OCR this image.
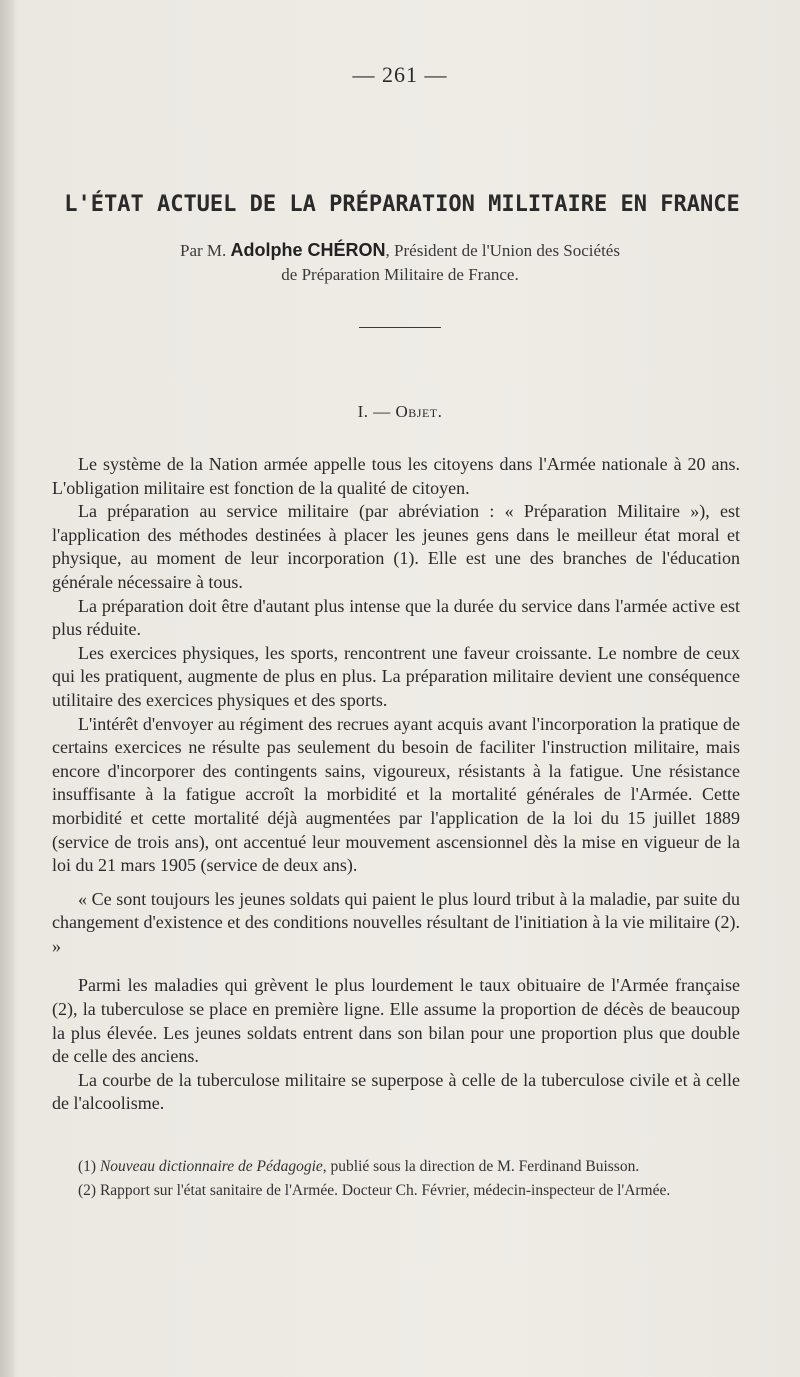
— 261 —
L'ÉTAT ACTUEL DE LA PRÉPARATION MILITAIRE EN FRANCE
Par M. Adolphe CHÉRON, Président de l'Union des Sociétés
de Préparation Militaire de France.
I. — Objet.

Le système de la Nation armée appelle tous les citoyens dans l'Armée nationale à 20 ans. L'obligation militaire est fonction de la qualité de citoyen.

La préparation au service militaire (par abréviation : « Préparation Militaire »), est l'application des méthodes destinées à placer les jeunes gens dans le meilleur état moral et physique, au moment de leur incorporation (1). Elle est une des branches de l'éducation générale nécessaire à tous.

La préparation doit être d'autant plus intense que la durée du service dans l'armée active est plus réduite.

Les exercices physiques, les sports, rencontrent une faveur croissante. Le nombre de ceux qui les pratiquent, augmente de plus en plus. La préparation militaire devient une conséquence utilitaire des exercices physiques et des sports.

L'intérêt d'envoyer au régiment des recrues ayant acquis avant l'incorporation la pratique de certains exercices ne résulte pas seulement du besoin de faciliter l'instruction militaire, mais encore d'incorporer des contingents sains, vigoureux, résistants à la fatigue. Une résistance insuffisante à la fatigue accroît la morbidité et la mortalité générales de l'Armée. Cette morbidité et cette mortalité déjà augmentées par l'application de la loi du 15 juillet 1889 (service de trois ans), ont accentué leur mouvement ascensionnel dès la mise en vigueur de la loi du 21 mars 1905 (service de deux ans).

« Ce sont toujours les jeunes soldats qui paient le plus lourd tribut à la maladie, par suite du changement d'existence et des conditions nouvelles résultant de l'initiation à la vie militaire (2). »

Parmi les maladies qui grèvent le plus lourdement le taux obituaire de l'Armée française (2), la tuberculose se place en première ligne. Elle assume la proportion de décès de beaucoup la plus élevée. Les jeunes soldats entrent dans son bilan pour une proportion plus que double de celle des anciens.

La courbe de la tuberculose militaire se superpose à celle de la tuberculose civile et à celle de l'alcoolisme.

(1) Nouveau dictionnaire de Pédagogie, publié sous la direction de M. Ferdinand Buisson.

(2) Rapport sur l'état sanitaire de l'Armée. Docteur Ch. Février, médecin-inspecteur de l'Armée.
